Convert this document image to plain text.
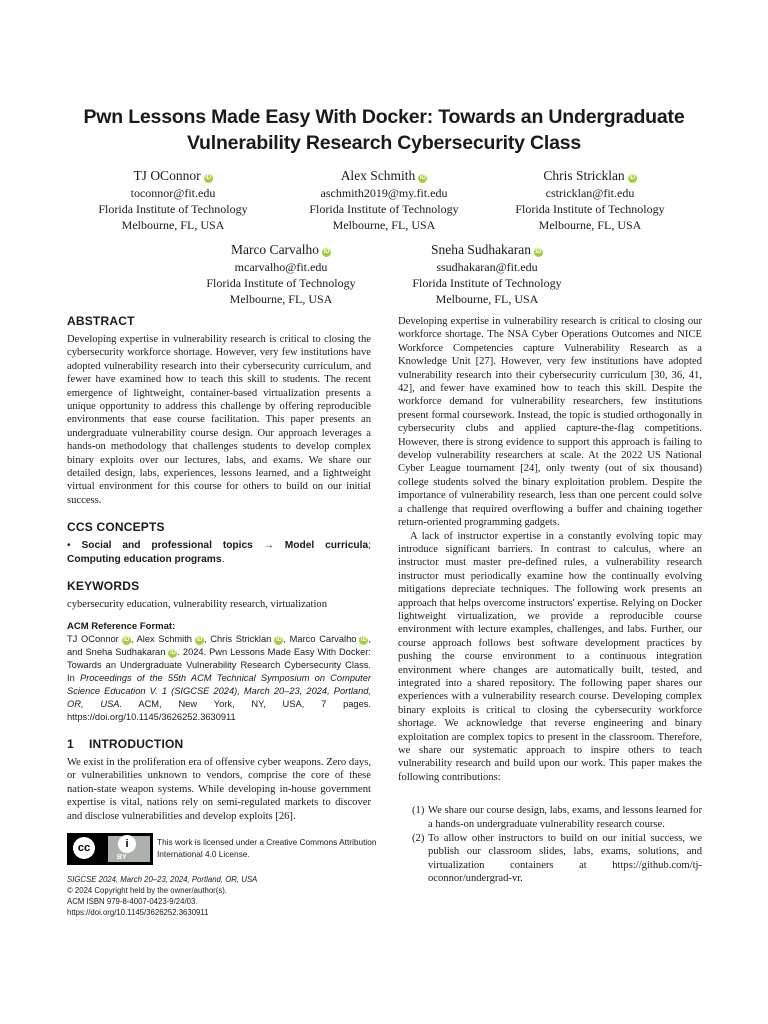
Pwn Lessons Made Easy With Docker: Towards an Undergraduate
Vulnerability Research Cybersecurity Class
TJ OConnor iD
toconnor@fit.edu
Florida Institute of Technology
Melbourne, FL, USA
Alex Schmith iD
aschmith2019@my.fit.edu
Florida Institute of Technology
Melbourne, FL, USA
Chris Stricklan iD
cstricklan@fit.edu
Florida Institute of Technology
Melbourne, FL, USA
Marco Carvalho iD
mcarvalho@fit.edu
Florida Institute of Technology
Melbourne, FL, USA
Sneha Sudhakaran iD
ssudhakaran@fit.edu
Florida Institute of Technology
Melbourne, FL, USA
ABSTRACT

Developing expertise in vulnerability research is critical to closing the cybersecurity workforce shortage. However, very few institutions have adopted vulnerability research into their cybersecurity curriculum, and fewer have examined how to teach this skill to students. The recent emergence of lightweight, container-based virtualization presents a unique opportunity to address this challenge by offering reproducible environments that ease course facilitation. This paper presents an undergraduate vulnerability course design. Our approach leverages a hands-on methodology that challenges students to develop complex binary exploits over our lectures, labs, and exams. We share our detailed design, labs, experiences, lessons learned, and a lightweight virtual environment for this course for others to build on our initial success.

CCS CONCEPTS

• Social and professional topics → Model curricula; Computing education programs.

KEYWORDS

cybersecurity education, vulnerability research, virtualization

ACM Reference Format:

TJ OConnor iD , Alex Schmith iD , Chris Stricklan iD , Marco Carvalho iD , and Sneha Sudhakaran iD . 2024. Pwn Lessons Made Easy With Docker: Towards an Undergraduate Vulnerability Research Cybersecurity Class. In Proceedings of the 55th ACM Technical Symposium on Computer Science Education V. 1 (SIGCSE 2024), March 20–23, 2024, Portland, OR, USA. ACM, New York, NY, USA, 7 pages. https://doi.org/10.1145/3626252.3630911

1 INTRODUCTION

We exist in the proliferation era of offensive cyber weapons. Zero days, or vulnerabilities unknown to vendors, comprise the core of these nation-state weapon systems. While developing in-house government expertise is vital, nations rely on semi-regulated markets to discover and disclose vulnerabilities and develop exploits [26].

cc	i
BY
This work is licensed under a Creative Commons Attribution International 4.0 License.
SIGCSE 2024, March 20–23, 2024, Portland, OR, USA
© 2024 Copyright held by the owner/author(s).
ACM ISBN 979-8-4007-0423-9/24/03.
https://doi.org/10.1145/3626252.3630911

Developing expertise in vulnerability research is critical to closing our workforce shortage. The NSA Cyber Operations Outcomes and NICE Workforce Competencies capture Vulnerability Research as a Knowledge Unit [27]. However, very few institutions have adopted vulnerability research into their cybersecurity curriculum [30, 36, 41, 42], and fewer have examined how to teach this skill. Despite the workforce demand for vulnerability researchers, few institutions present formal coursework. Instead, the topic is studied orthogonally in cybersecurity clubs and applied capture-the-flag competitions. However, there is strong evidence to support this approach is failing to develop vulnerability researchers at scale. At the 2022 US National Cyber League tournament [24], only twenty (out of six thousand) college students solved the binary exploitation problem. Despite the importance of vulnerability research, less than one percent could solve a challenge that required overflowing a buffer and chaining together return-oriented programming gadgets.

A lack of instructor expertise in a constantly evolving topic may introduce significant barriers. In contrast to calculus, where an instructor must master pre-defined rules, a vulnerability research instructor must periodically examine how the continually evolving mitigations depreciate techniques. The following work presents an approach that helps overcome instructors' expertise. Relying on Docker lightweight virtualization, we provide a reproducible course environment with lecture examples, challenges, and labs. Further, our course approach follows best software development practices by pushing the course environment to a continuous integration environment where changes are automatically built, tested, and integrated into a shared repository. The following paper shares our experiences with a vulnerability research course. Developing complex binary exploits is critical to closing the cybersecurity workforce shortage. We acknowledge that reverse engineering and binary exploitation are complex topics to present in the classroom. Therefore, we share our systematic approach to inspire others to teach vulnerability research and build upon our work. This paper makes the following contributions:

(1) We share our course design, labs, exams, and lessons learned for a hands-on undergraduate vulnerability research course.
(2) To allow other instructors to build on our initial success, we publish our classroom slides, labs, exams, solutions, and virtualization containers at https://github.com/tj-oconnor/undergrad-vr.
